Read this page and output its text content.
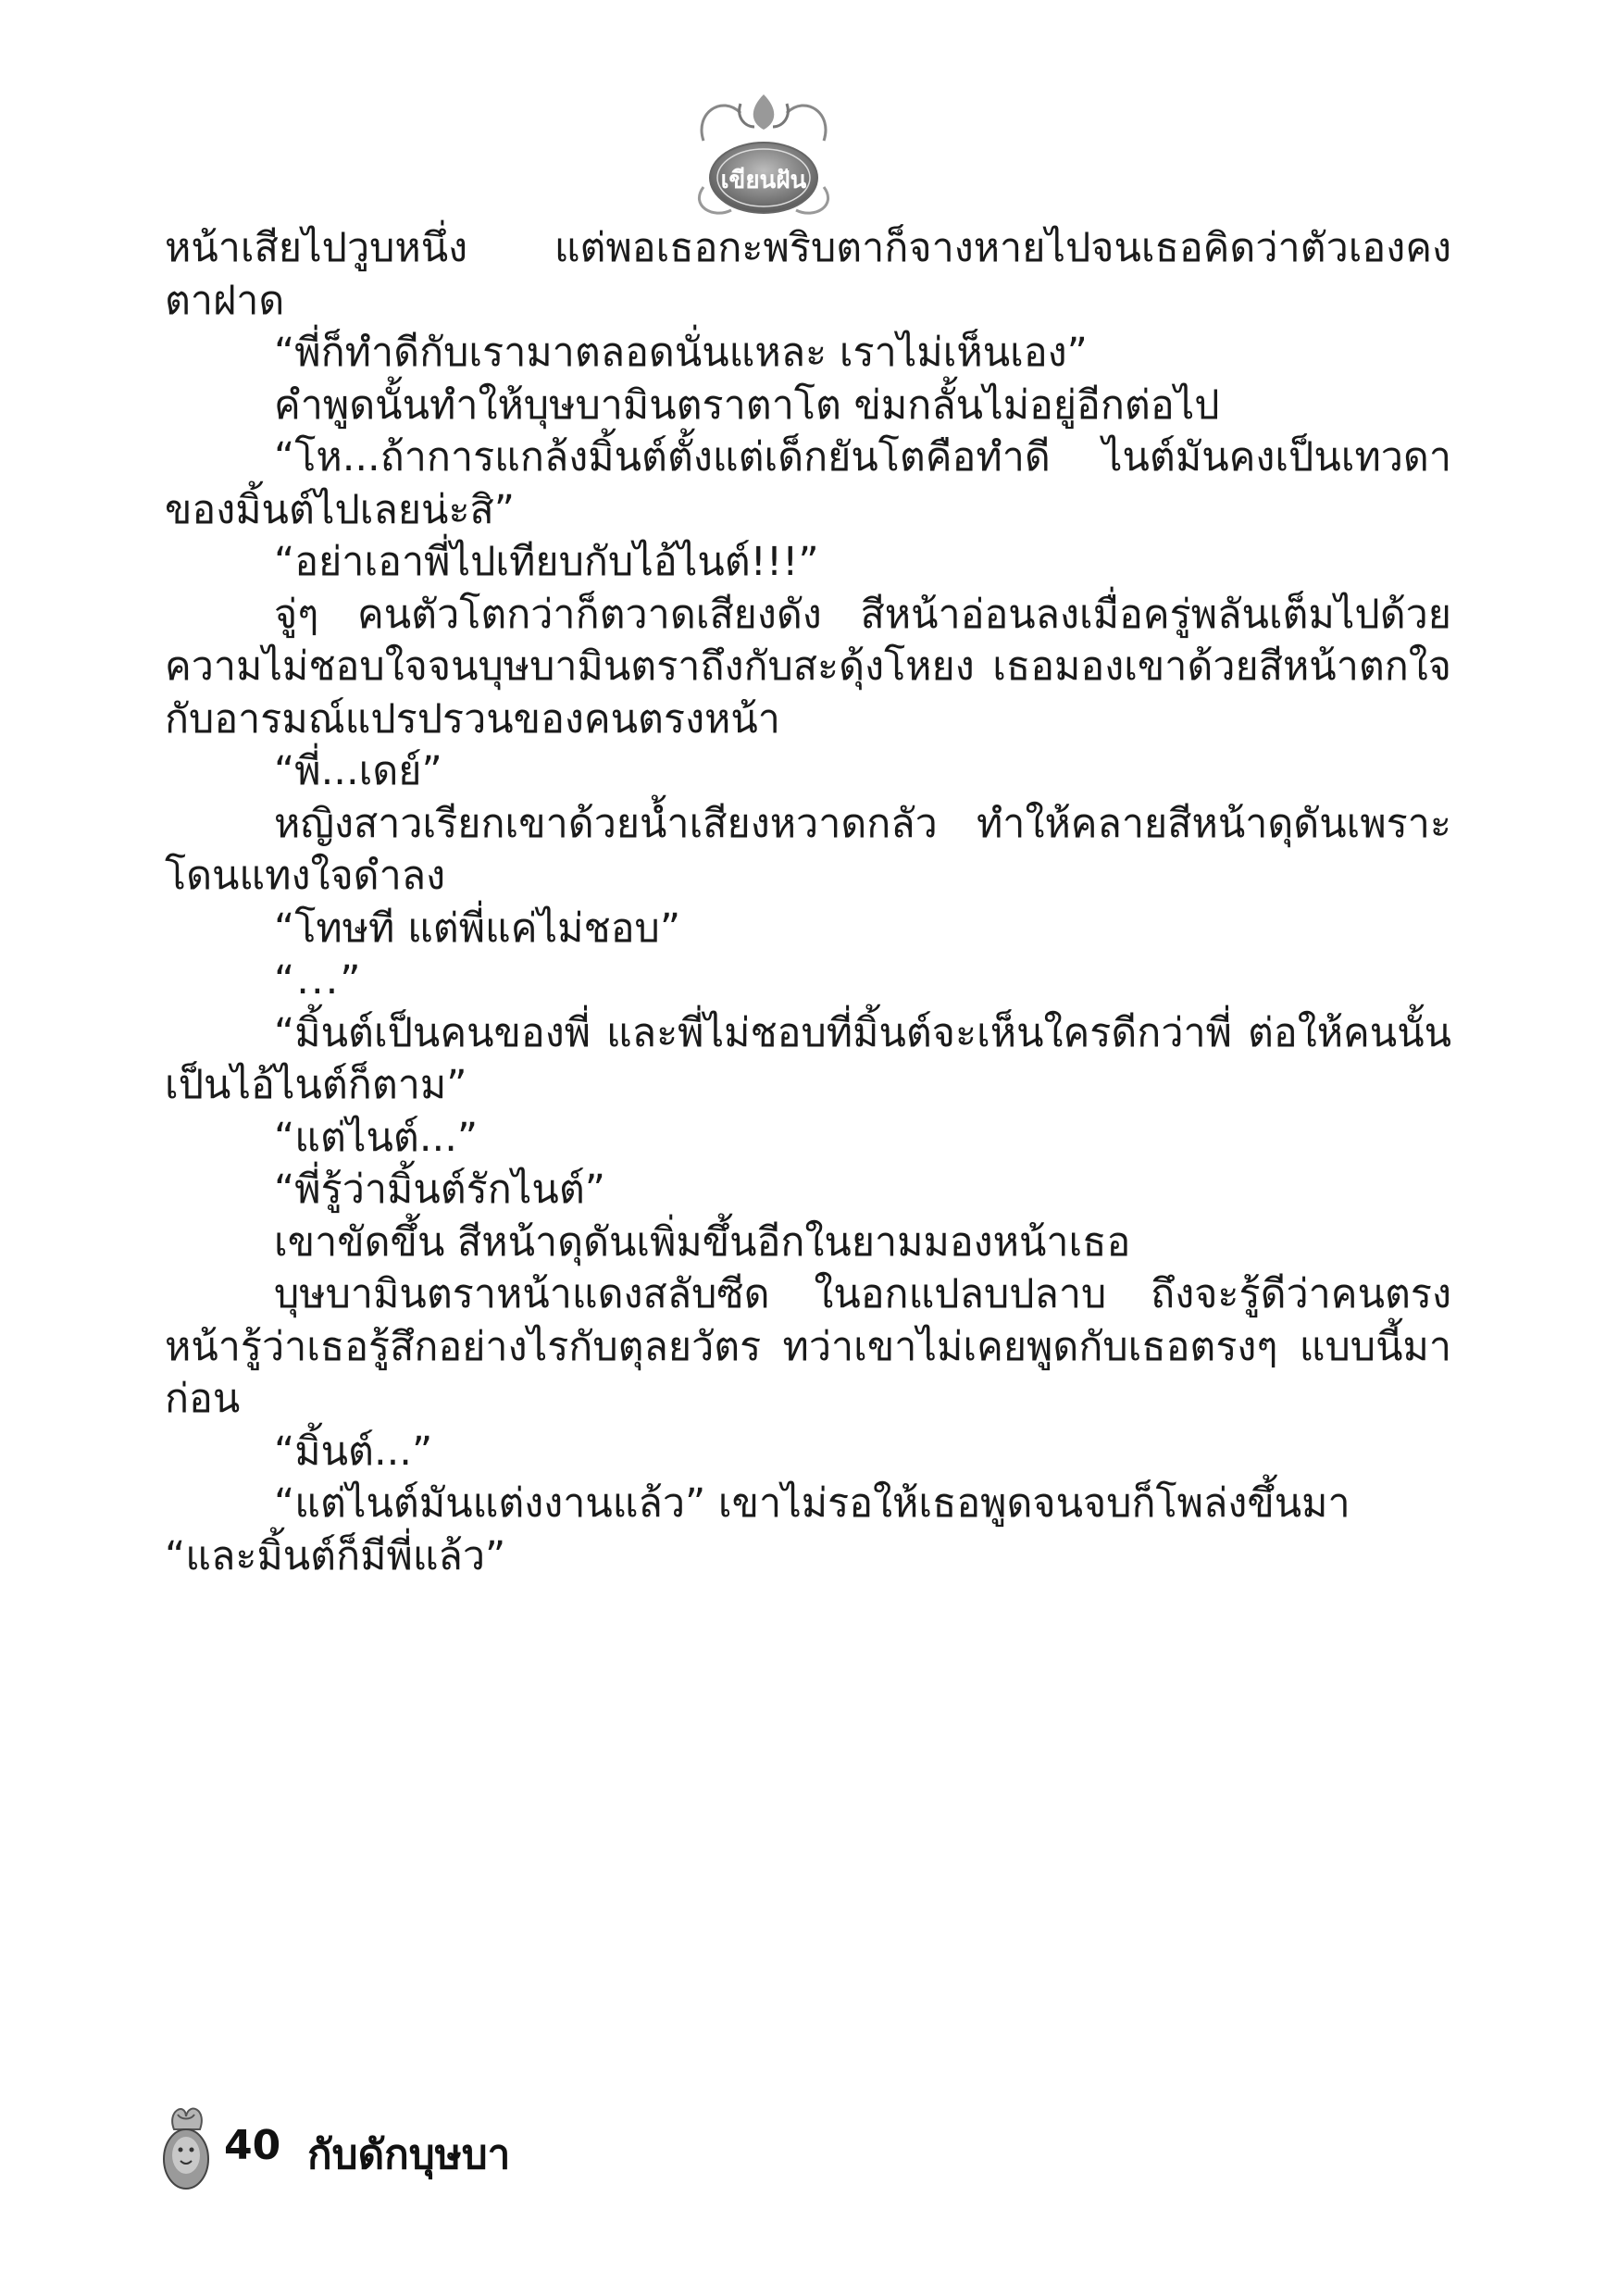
เขียนฝัน

หน้าเสียไปวูบหนึ่ง แต่พอเธอกะพริบตาก็จางหายไปจนเธอคิดว่าตัวเองคงตาฝาด

“พี่ก็ทำดีกับเรามาตลอดนั่นแหละ เราไม่เห็นเอง”

คำพูดนั้นทำให้บุษบามินตราตาโต ข่มกลั้นไม่อยู่อีกต่อไป

“โห...ถ้าการแกล้งมิ้นต์ตั้งแต่เด็กยันโตคือทำดี ไนต์มันคงเป็นเทวดาของมิ้นต์ไปเลยน่ะสิ”

“อย่าเอาพี่ไปเทียบกับไอ้ไนต์!!!”

จู่ๆ คนตัวโตกว่าก็ตวาดเสียงดัง สีหน้าอ่อนลงเมื่อครู่พลันเต็มไปด้วยความไม่ชอบใจจนบุษบามินตราถึงกับสะดุ้งโหยง เธอมองเขาด้วยสีหน้าตกใจกับอารมณ์แปรปรวนของคนตรงหน้า

“พี่...เดย์”

หญิงสาวเรียกเขาด้วยน้ำเสียงหวาดกลัว ทำให้คลายสีหน้าดุดันเพราะโดนแทงใจดำลง

“โทษที แต่พี่แค่ไม่ชอบ”

“...”

“มิ้นต์เป็นคนของพี่ และพี่ไม่ชอบที่มิ้นต์จะเห็นใครดีกว่าพี่ ต่อให้คนนั้นเป็นไอ้ไนต์ก็ตาม”

“แต่ไนต์...”

“พี่รู้ว่ามิ้นต์รักไนต์”

เขาขัดขึ้น สีหน้าดุดันเพิ่มขึ้นอีกในยามมองหน้าเธอ

บุษบามินตราหน้าแดงสลับซีด ในอกแปลบปลาบ ถึงจะรู้ดีว่าคนตรงหน้ารู้ว่าเธอรู้สึกอย่างไรกับตุลยวัตร ทว่าเขาไม่เคยพูดกับเธอตรงๆ แบบนี้มาก่อน

“มิ้นต์...”

“แต่ไนต์มันแต่งงานแล้ว” เขาไม่รอให้เธอพูดจนจบก็โพล่งขึ้นมา

“และมิ้นต์ก็มีพี่แล้ว”

40 กับดักบุษบา
